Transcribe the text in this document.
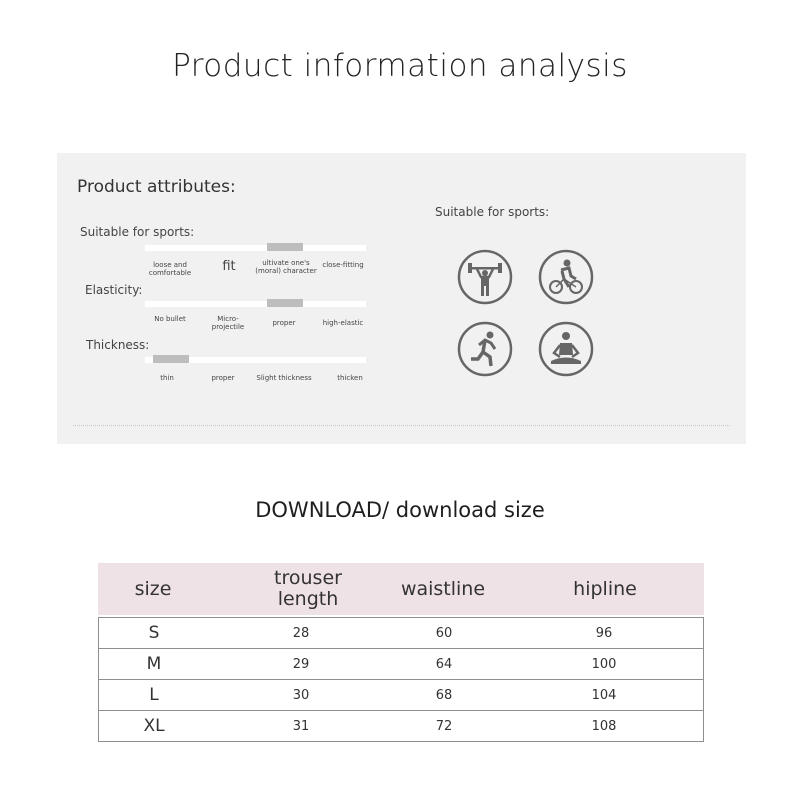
Product information analysis
Product attributes:
Suitable for sports:
loose and comfortable	fit	ultivate one's (moral) character
close-fitting
Elasticity:
No bullet	Micro-projectile	proper	high-elastic
Thickness:
thin	proper	Slight thickness	thicken
Suitable for sports:
DOWNLOAD/ download size
size	trouser length	waistline	hipline
S	28	60	96
M	29	64	100
L	30	68	104
XL	31	72	108
